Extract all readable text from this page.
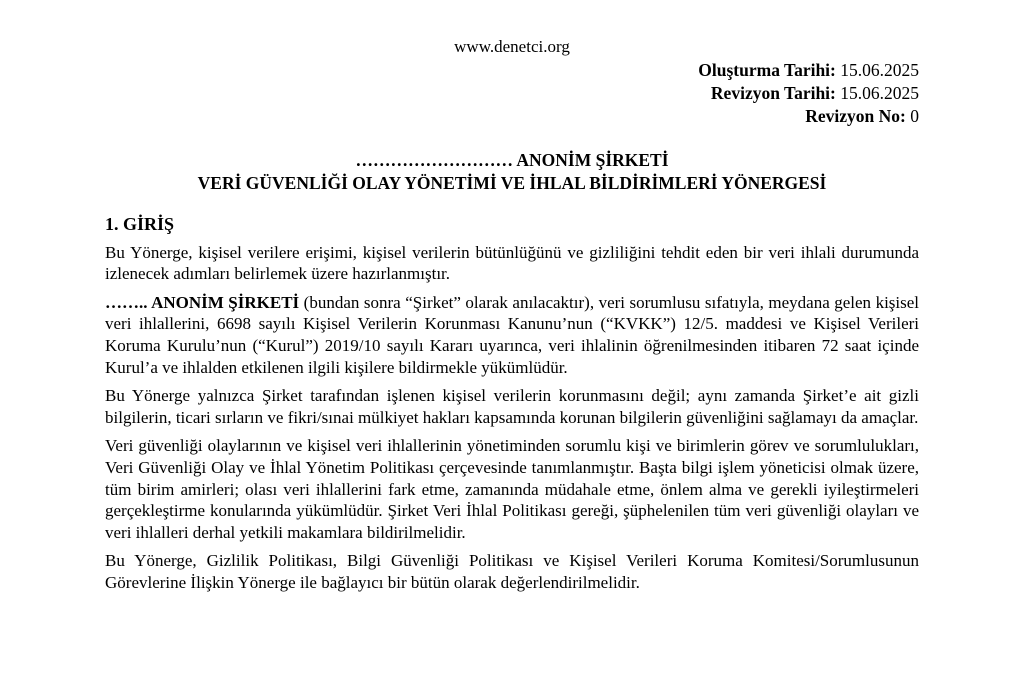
www.denetci.org
Oluşturma Tarihi: 15.06.2025
Revizyon Tarihi: 15.06.2025
Revizyon No: 0
……………………… ANONİM ŞİRKETİ
VERİ GÜVENLİĞİ OLAY YÖNETİMİ VE İHLAL BİLDİRİMLERİ YÖNERGESİ
1. GİRİŞ

Bu Yönerge, kişisel verilere erişimi, kişisel verilerin bütünlüğünü ve gizliliğini tehdit eden bir veri ihlali durumunda izlenecek adımları belirlemek üzere hazırlanmıştır.

…….. ANONİM ŞİRKETİ (bundan sonra “Şirket” olarak anılacaktır), veri sorumlusu sıfatıyla, meydana gelen kişisel veri ihlallerini, 6698 sayılı Kişisel Verilerin Korunması Kanunu’nun (“KVKK”) 12/5. maddesi ve Kişisel Verileri Koruma Kurulu’nun (“Kurul”) 2019/10 sayılı Kararı uyarınca, veri ihlalinin öğrenilmesinden itibaren 72 saat içinde Kurul’a ve ihlalden etkilenen ilgili kişilere bildirmekle yükümlüdür.

Bu Yönerge yalnızca Şirket tarafından işlenen kişisel verilerin korunmasını değil; aynı zamanda Şirket’e ait gizli bilgilerin, ticari sırların ve fikri/sınai mülkiyet hakları kapsamında korunan bilgilerin güvenliğini sağlamayı da amaçlar.

Veri güvenliği olaylarının ve kişisel veri ihlallerinin yönetiminden sorumlu kişi ve birimlerin görev ve sorumlulukları, Veri Güvenliği Olay ve İhlal Yönetim Politikası çerçevesinde tanımlanmıştır. Başta bilgi işlem yöneticisi olmak üzere, tüm birim amirleri; olası veri ihlallerini fark etme, zamanında müdahale etme, önlem alma ve gerekli iyileştirmeleri gerçekleştirme konularında yükümlüdür. Şirket Veri İhlal Politikası gereği, şüphelenilen tüm veri güvenliği olayları ve veri ihlalleri derhal yetkili makamlara bildirilmelidir.

Bu Yönerge, Gizlilik Politikası, Bilgi Güvenliği Politikası ve Kişisel Verileri Koruma Komitesi/Sorumlusunun Görevlerine İlişkin Yönerge ile bağlayıcı bir bütün olarak değerlendirilmelidir.
